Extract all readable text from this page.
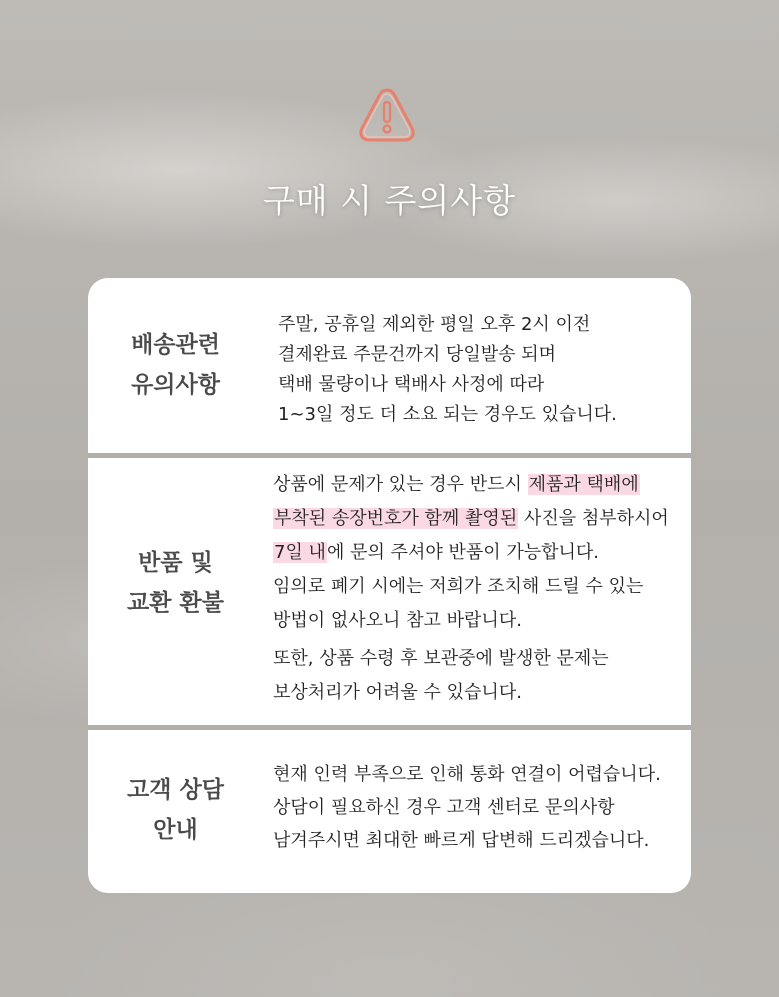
구매 시 주의사항
배송관련
유의사항
주말, 공휴일 제외한 평일 오후 2시 이전
결제완료 주문건까지 당일발송 되며
택배 물량이나 택배사 사정에 따라
1~3일 정도 더 소요 되는 경우도 있습니다.
반품 및
교환 환불
상품에 문제가 있는 경우 반드시 제품과 택배에
부착된 송장번호가 함께 촬영된 사진을 첨부하시어
7일 내에 문의 주셔야 반품이 가능합니다.
임의로 폐기 시에는 저희가 조치해 드릴 수 있는
방법이 없사오니 참고 바랍니다.
또한, 상품 수령 후 보관중에 발생한 문제는
보상처리가 어려울 수 있습니다.
고객 상담
안내
현재 인력 부족으로 인해 통화 연결이 어렵습니다.
상담이 필요하신 경우 고객 센터로 문의사항
남겨주시면 최대한 빠르게 답변해 드리겠습니다.
